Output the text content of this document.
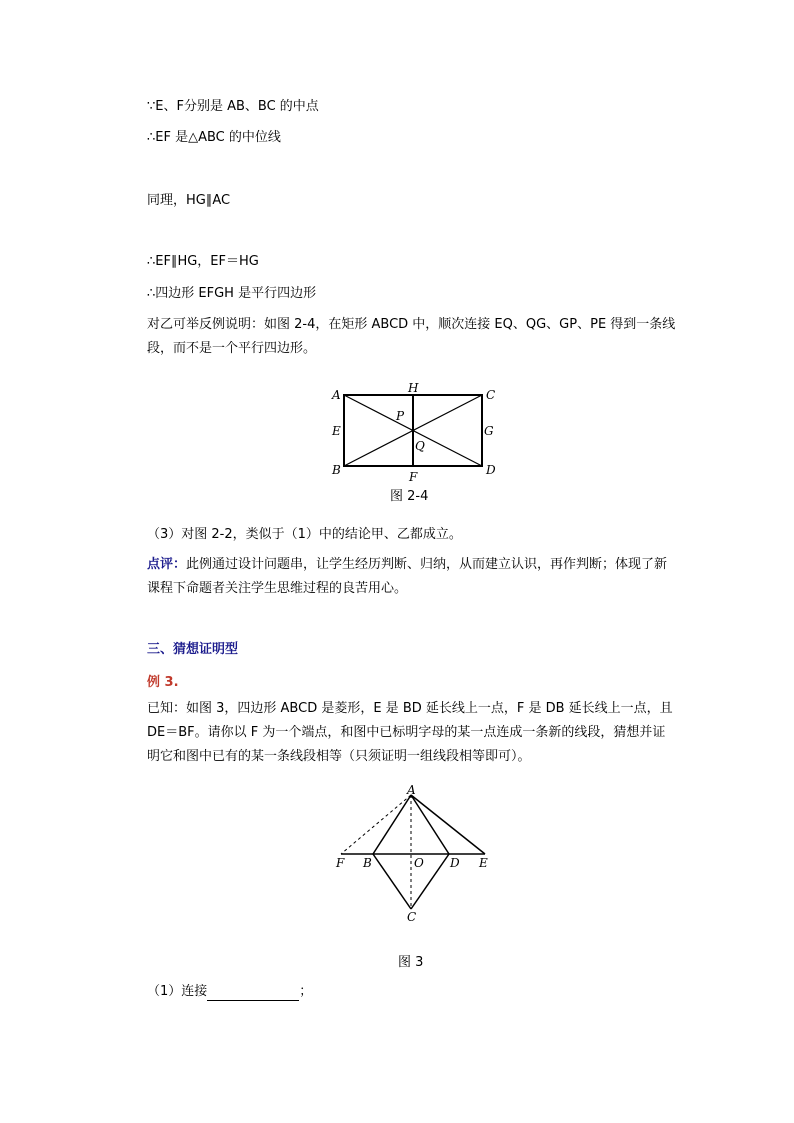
∵E、F分别是 AB、BC 的中点
∴EF 是△ABC 的中位线
同理，HG∥AC
∴EF∥HG，EF＝HG
∴四边形 EFGH 是平行四边形
对乙可举反例说明：如图 2-4，在矩形 ABCD 中，顺次连接 EQ、QG、GP、PE 得到一条线段，而不是一个平行四边形。
A	H	C
P
E	G
Q
B	F	D
图 2-4
（3）对图 2-2，类似于（1）中的结论甲、乙都成立。
点评：此例通过设计问题串，让学生经历判断、归纳，从而建立认识，再作判断；体现了新课程下命题者关注学生思维过程的良苦用心。
三、猜想证明型
例 3.
已知：如图 3，四边形 ABCD 是菱形，E 是 BD 延长线上一点，F 是 DB 延长线上一点，且 DE＝BF。请你以 F 为一个端点，和图中已标明字母的某一点连成一条新的线段，猜想并证明它和图中已有的某一条线段相等（只须证明一组线段相等即可）。
A
F B	O D E
C
图 3
（1）连接	；
